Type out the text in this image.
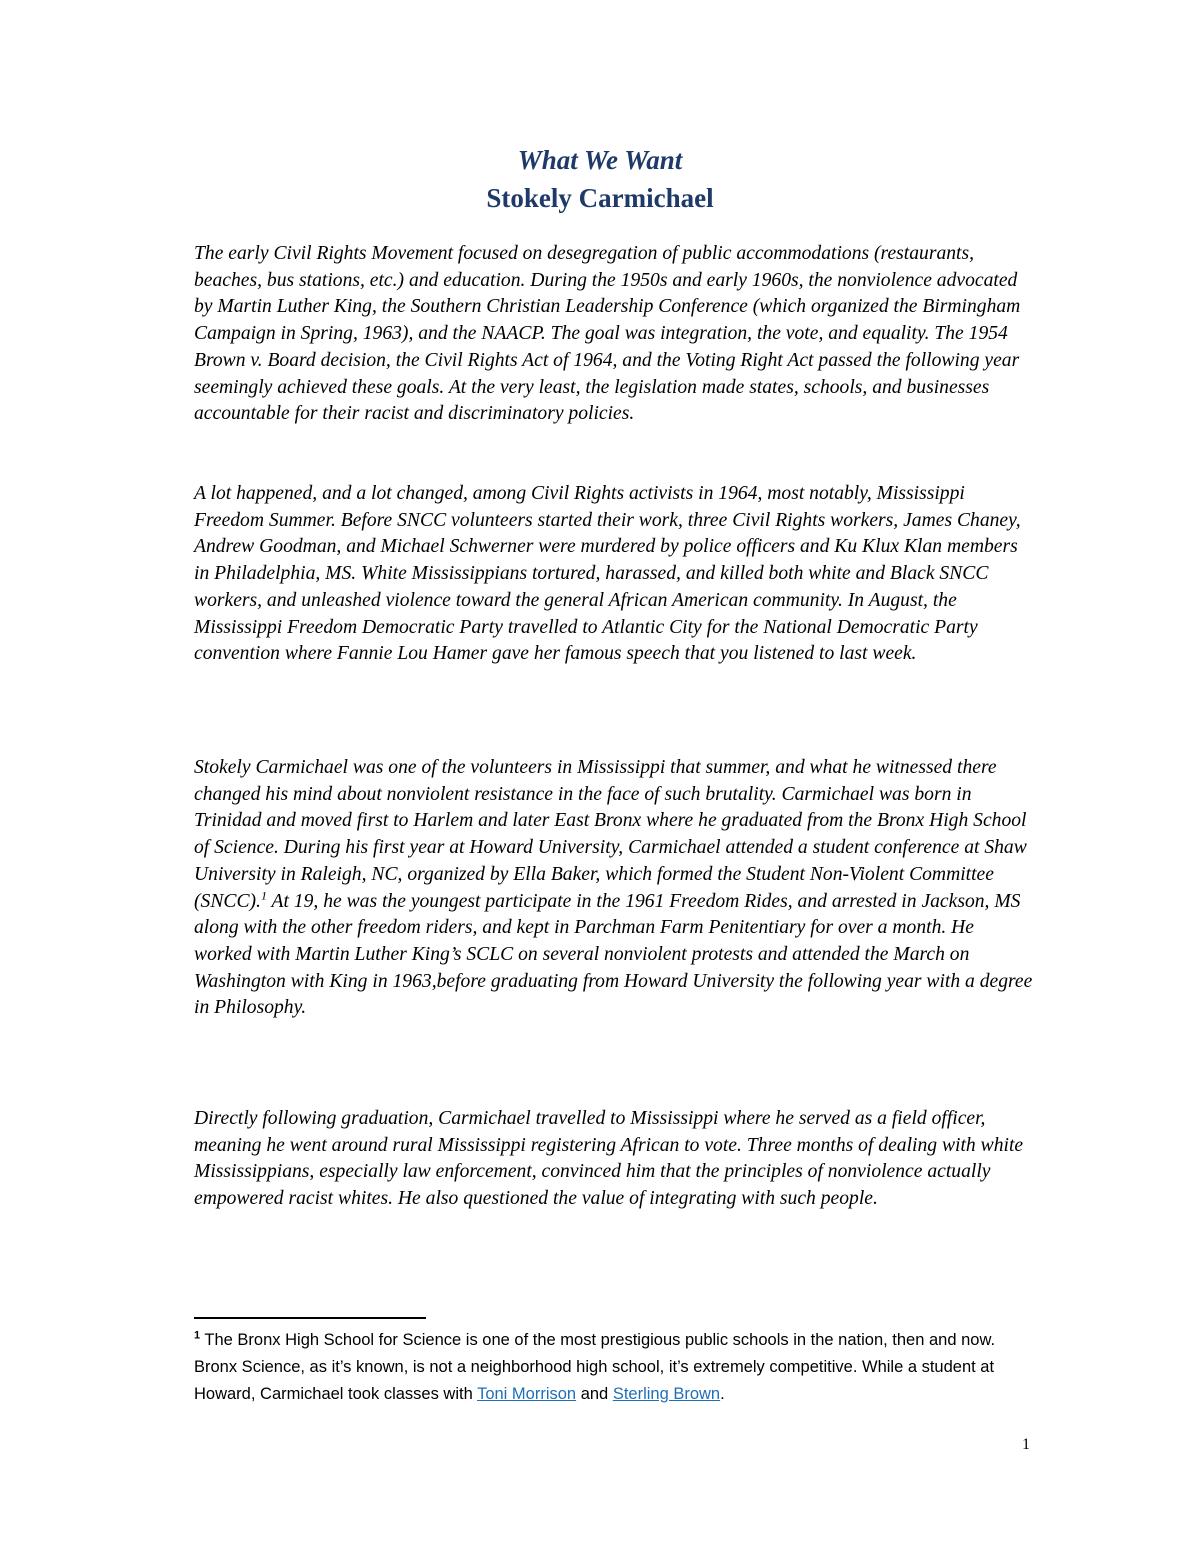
What We Want
Stokely Carmichael

The early Civil Rights Movement focused on desegregation of public accommodations (restaurants, beaches, bus stations, etc.) and education. During the 1950s and early 1960s, the nonviolence advocated by Martin Luther King, the Southern Christian Leadership Conference (which organized the Birmingham Campaign in Spring, 1963), and the NAACP. The goal was integration, the vote, and equality. The 1954 Brown v. Board decision, the Civil Rights Act of 1964, and the Voting Right Act passed the following year seemingly achieved these goals. At the very least, the legislation made states, schools, and businesses accountable for their racist and discriminatory policies.

A lot happened, and a lot changed, among Civil Rights activists in 1964, most notably, Mississippi Freedom Summer. Before SNCC volunteers started their work, three Civil Rights workers, James Chaney, Andrew Goodman, and Michael Schwerner were murdered by police officers and Ku Klux Klan members in Philadelphia, MS. White Mississippians tortured, harassed, and killed both white and Black SNCC workers, and unleashed violence toward the general African American community. In August, the Mississippi Freedom Democratic Party travelled to Atlantic City for the National Democratic Party convention where Fannie Lou Hamer gave her famous speech that you listened to last week.

Stokely Carmichael was one of the volunteers in Mississippi that summer, and what he witnessed there changed his mind about nonviolent resistance in the face of such brutality. Carmichael was born in Trinidad and moved first to Harlem and later East Bronx where he graduated from the Bronx High School of Science. During his first year at Howard University, Carmichael attended a student conference at Shaw University in Raleigh, NC, organized by Ella Baker, which formed the Student Non-Violent Committee (SNCC).$^1$ At 19, he was the youngest participate in the 1961 Freedom Rides, and arrested in Jackson, MS along with the other freedom riders, and kept in Parchman Farm Penitentiary for over a month. He worked with Martin Luther King’s SCLC on several nonviolent protests and attended the March on Washington with King in 1963,before graduating from Howard University the following year with a degree in Philosophy.

Directly following graduation, Carmichael travelled to Mississippi where he served as a field officer, meaning he went around rural Mississippi registering African to vote. Three months of dealing with white Mississippians, especially law enforcement, convinced him that the principles of nonviolence actually empowered racist whites. He also questioned the value of integrating with such people.

$^1$ The Bronx High School for Science is one of the most prestigious public schools in the nation, then and now. Bronx Science, as it’s known, is not a neighborhood high school, it’s extremely competitive. While a student at Howard, Carmichael took classes with Toni Morrison and Sterling Brown.

1
